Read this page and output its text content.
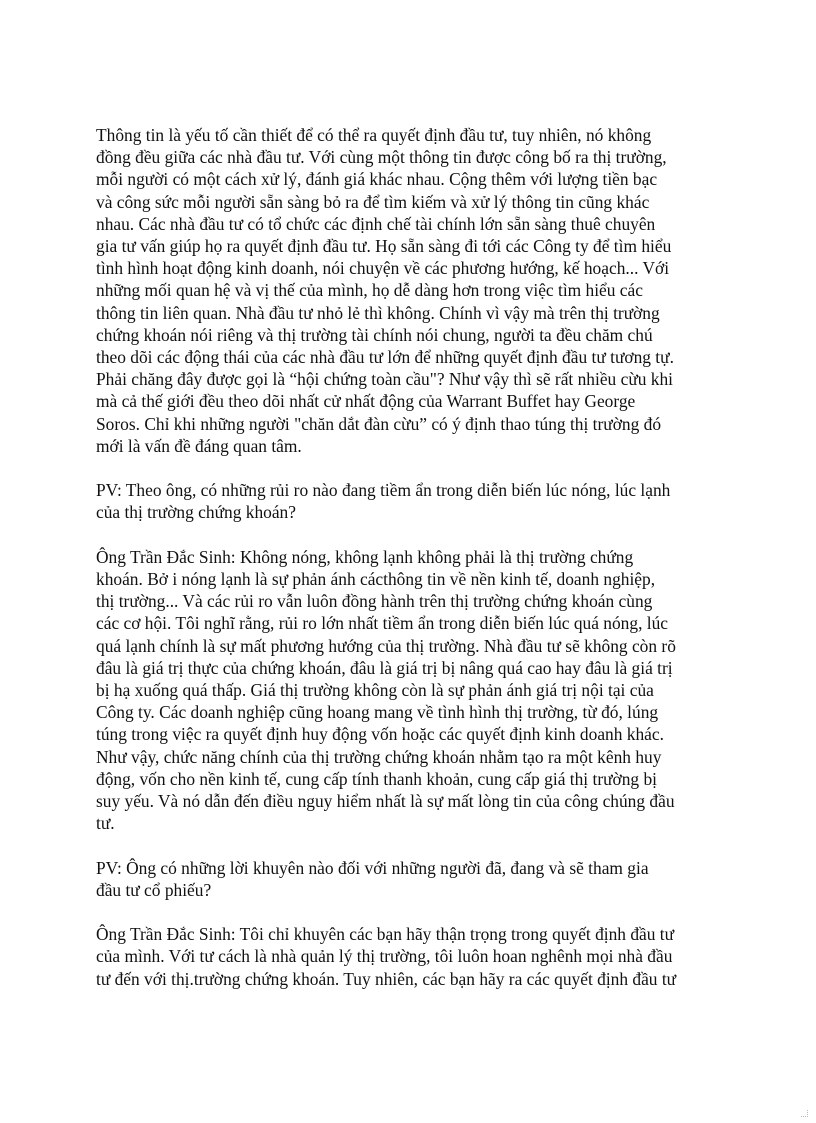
Thông tin là yếu tố cần thiết để có thể ra quyết định đầu tư, tuy nhiên, nó không
đồng đều giữa các nhà đầu tư. Với cùng một thông tin được công bố ra thị trường,
mỗi người có một cách xử lý, đánh giá khác nhau. Cộng thêm với lượng tiền bạc
và công sức mỗi người sẵn sàng bỏ ra để tìm kiếm và xử lý thông tin cũng khác
nhau. Các nhà đầu tư có tổ chức các định chế tài chính lớn sẵn sàng thuê chuyên
gia tư vấn giúp họ ra quyết định đầu tư. Họ sẵn sàng đi tới các Công ty để tìm hiểu
tình hình hoạt động kinh doanh, nói chuyện về các phương hướng, kế hoạch... Với
những mối quan hệ và vị thế của mình, họ dễ dàng hơn trong việc tìm hiểu các
thông tin liên quan. Nhà đầu tư nhỏ lẻ thì không. Chính vì vậy mà trên thị trường
chứng khoán nói riêng và thị trường tài chính nói chung, người ta đều chăm chú
theo dõi các động thái của các nhà đầu tư lớn để những quyết định đầu tư tương tự.
Phải chăng đây được gọi là “hội chứng toàn cầu"? Như vậy thì sẽ rất nhiều cừu khi
mà cả thế giới đều theo dõi nhất cử nhất động của Warrant Buffet hay George
Soros. Chỉ khi những người "chăn dắt đàn cừu” có ý định thao túng thị trường đó
mới là vấn đề đáng quan tâm.

PV: Theo ông, có những rủi ro nào đang tiềm ẩn trong diễn biến lúc nóng, lúc lạnh
của thị trường chứng khoán?

Ông Trần Đắc Sinh: Không nóng, không lạnh không phải là thị trường chứng
khoán. Bở i nóng lạnh là sự phản ánh cácthông tin về nền kinh tế, doanh nghiệp,
thị trường... Và các rủi ro vẫn luôn đồng hành trên thị trường chứng khoán cùng
các cơ hội. Tôi nghĩ rằng, rủi ro lớn nhất tiềm ẩn trong diễn biến lúc quá nóng, lúc
quá lạnh chính là sự mất phương hướng của thị trường. Nhà đầu tư sẽ không còn rõ
đâu là giá trị thực của chứng khoán, đâu là giá trị bị nâng quá cao hay đâu là giá trị
bị hạ xuống quá thấp. Giá thị trường không còn là sự phản ánh giá trị nội tại của
Công ty. Các doanh nghiệp cũng hoang mang về tình hình thị trường, từ đó, lúng
túng trong việc ra quyết định huy động vốn hoặc các quyết định kinh doanh khác.
Như vậy, chức năng chính của thị trường chứng khoán nhằm tạo ra một kênh huy
động, vốn cho nền kinh tế, cung cấp tính thanh khoản, cung cấp giá thị trường bị
suy yếu. Và nó dẫn đến điều nguy hiểm nhất là sự mất lòng tin của công chúng đầu
tư.

PV: Ông có những lời khuyên nào đối với những người đã, đang và sẽ tham gia
đầu tư cổ phiếu?

Ông Trần Đắc Sinh: Tôi chỉ khuyên các bạn hãy thận trọng trong quyết định đầu tư
của mình. Với tư cách là nhà quản lý thị trường, tôi luôn hoan nghênh mọi nhà đầu
tư đến với thị.trường chứng khoán. Tuy nhiên, các bạn hãy ra các quyết định đầu tư
